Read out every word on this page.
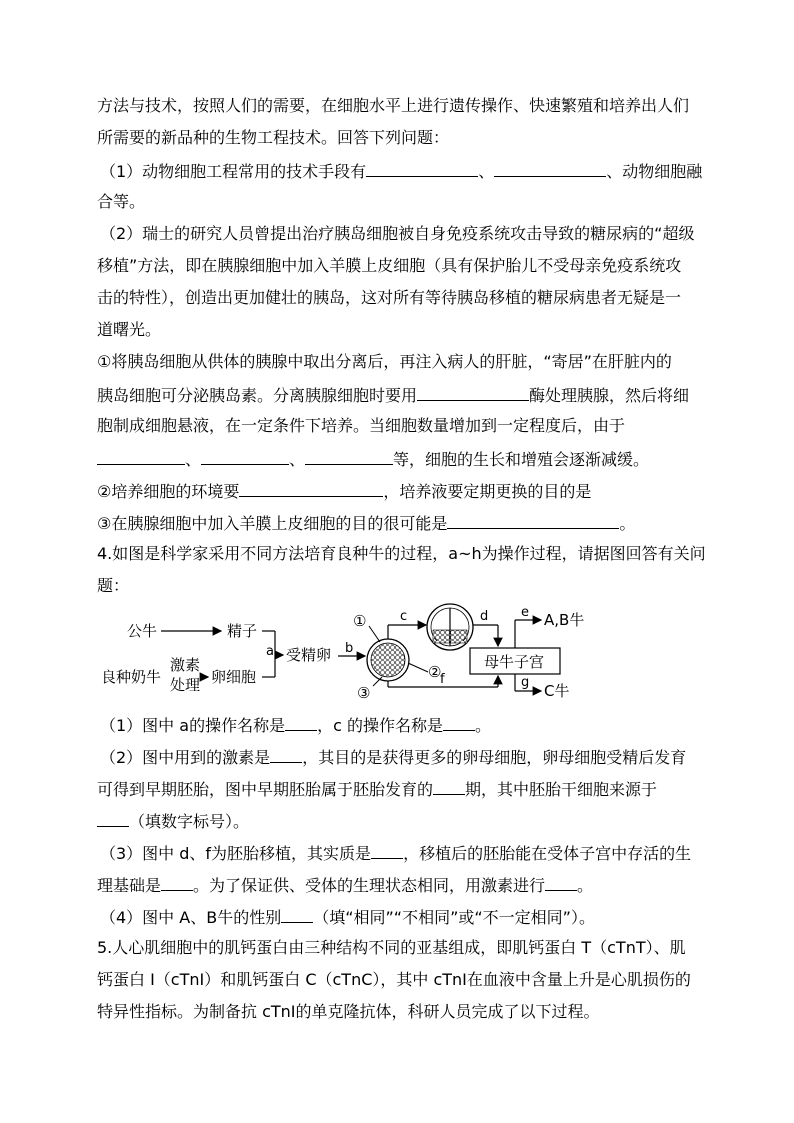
方法与技术，按照人们的需要，在细胞水平上进行遗传操作、快速繁殖和培养出人们
所需要的新品种的生物工程技术。回答下列问题：
（1）动物细胞工程常用的技术手段有	、	、动物细胞融
合等。
（2）瑞士的研究人员曾提出治疗胰岛细胞被自身免疫系统攻击导致的糖尿病的“超级
移植”方法，即在胰腺细胞中加入羊膜上皮细胞（具有保护胎儿不受母亲免疫系统攻
击的特性），创造出更加健壮的胰岛，这对所有等待胰岛移植的糖尿病患者无疑是一
道曙光。
①将胰岛细胞从供体的胰腺中取出分离后，再注入病人的肝脏，“寄居”在肝脏内的
胰岛细胞可分泌胰岛素。分离胰腺细胞时要用	酶处理胰腺，然后将细
胞制成细胞悬液，在一定条件下培养。当细胞数量增加到一定程度后，由于
、	、	等，细胞的生长和增殖会逐渐减缓。
②培养细胞的环境要	，培养液要定期更换的目的是
③在胰腺细胞中加入羊膜上皮细胞的目的很可能是	。
4.如图是科学家采用不同方法培育良种牛的过程，a~h为操作过程，请据图回答有关问
题：
公牛	精子
良种奶牛
激素
处理 卵细胞
a 受精卵 b
①
②
③
c	d
母牛子宫
f
e A,B牛
g C牛
（1）图中 a的操作名称是 ，c 的操作名称是 。
（2）图中用到的激素是 ，其目的是获得更多的卵母细胞，卵母细胞受精后发育
可得到早期胚胎，图中早期胚胎属于胚胎发育的 期，其中胚胎干细胞来源于
（填数字标号）。
（3）图中 d、f为胚胎移植，其实质是 ，移植后的胚胎能在受体子宫中存活的生
理基础是 。为了保证供、受体的生理状态相同，用激素进行 。
（4）图中 A、B牛的性别 （填“相同”“不相同”或“不一定相同”）。
5.人心肌细胞中的肌钙蛋白由三种结构不同的亚基组成，即肌钙蛋白 T（cTnT）、肌
钙蛋白 I（cTnI）和肌钙蛋白 C（cTnC），其中 cTnI在血液中含量上升是心肌损伤的
特异性指标。为制备抗 cTnI的单克隆抗体，科研人员完成了以下过程。
